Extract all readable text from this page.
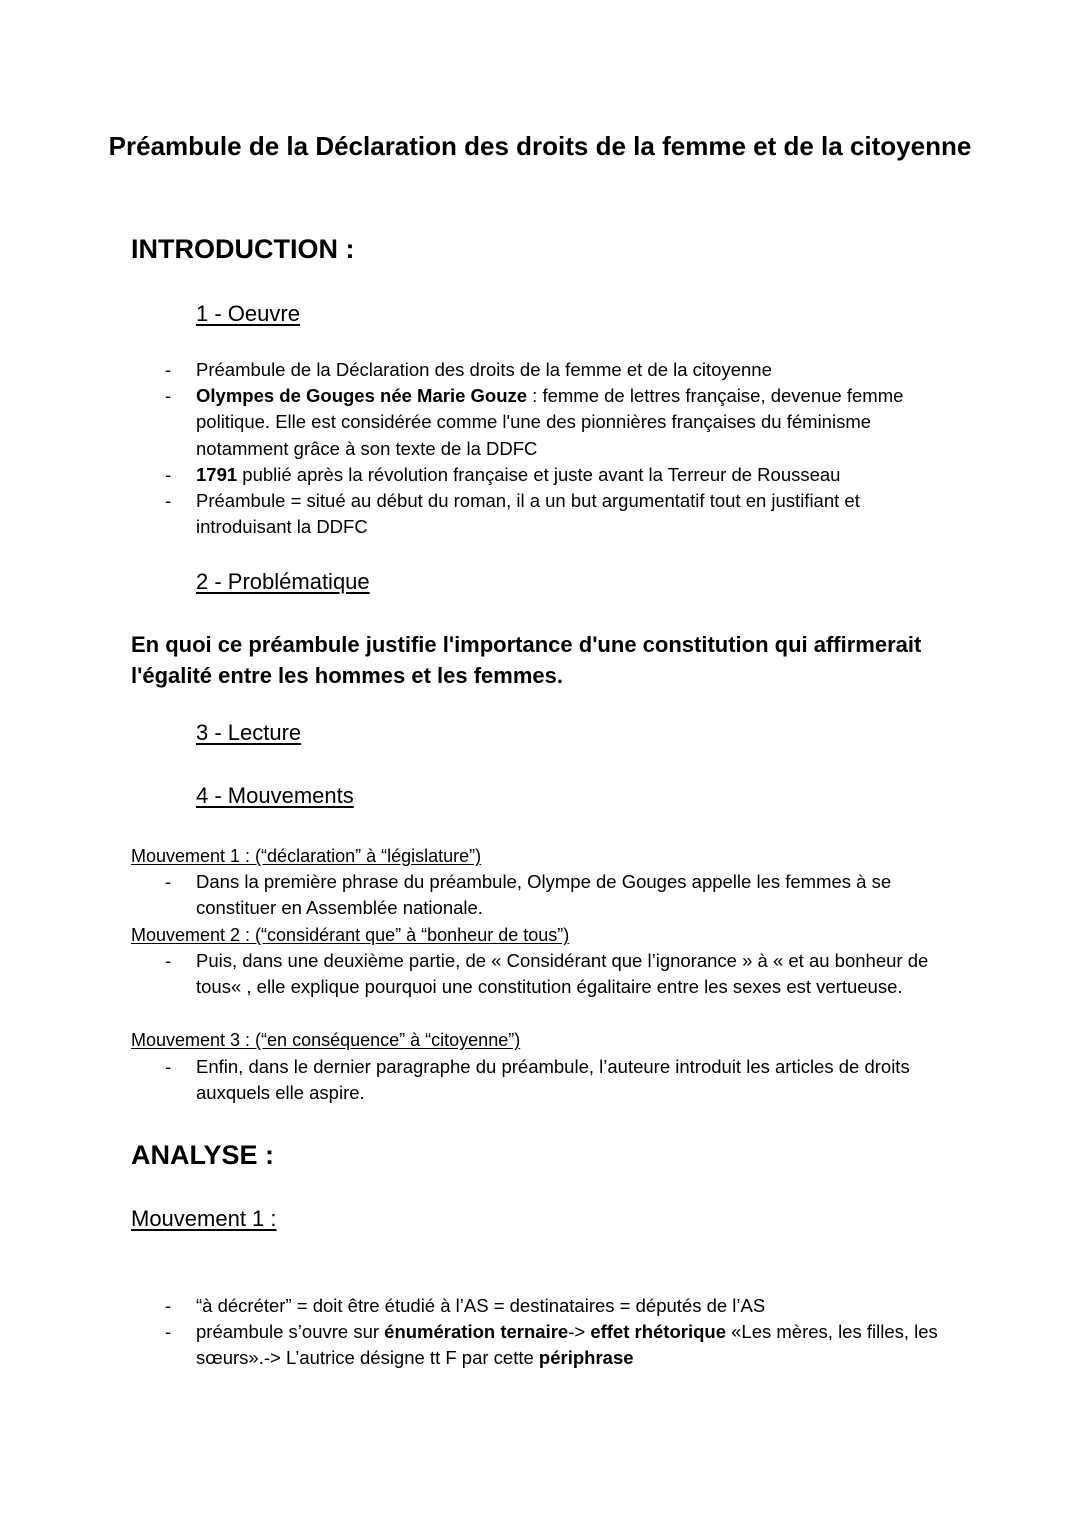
Préambule de la Déclaration des droits de la femme et de la citoyenne
INTRODUCTION :
1 - Oeuvre
- Préambule de la Déclaration des droits de la femme et de la citoyenne
- Olympes de Gouges née Marie Gouze : femme de lettres française, devenue femme politique. Elle est considérée comme l'une des pionnières françaises du féminisme notamment grâce à son texte de la DDFC
- 1791 publié après la révolution française et juste avant la Terreur de Rousseau
- Préambule = situé au début du roman, il a un but argumentatif tout en justifiant et introduisant la DDFC
2 - Problématique
En quoi ce préambule justifie l'importance d'une constitution qui affirmerait l'égalité entre les hommes et les femmes.
3 - Lecture
4 - Mouvements
Mouvement 1 : (“déclaration” à “législature”)
- Dans la première phrase du préambule, Olympe de Gouges appelle les femmes à se constituer en Assemblée nationale.
Mouvement 2 : (“considérant que” à “bonheur de tous”)
- Puis, dans une deuxième partie, de « Considérant que l’ignorance » à « et au bonheur de tous« , elle explique pourquoi une constitution égalitaire entre les sexes est vertueuse.
Mouvement 3 : (“en conséquence” à “citoyenne”)
- Enfin, dans le dernier paragraphe du préambule, l’auteure introduit les articles de droits auxquels elle aspire.
ANALYSE :
Mouvement 1 :
- “à décréter” = doit être étudié à l’AS = destinataires = députés de l’AS
- préambule s’ouvre sur énumération ternaire-> effet rhétorique «Les mères, les filles, les sœurs».-> L’autrice désigne tt F par cette périphrase
